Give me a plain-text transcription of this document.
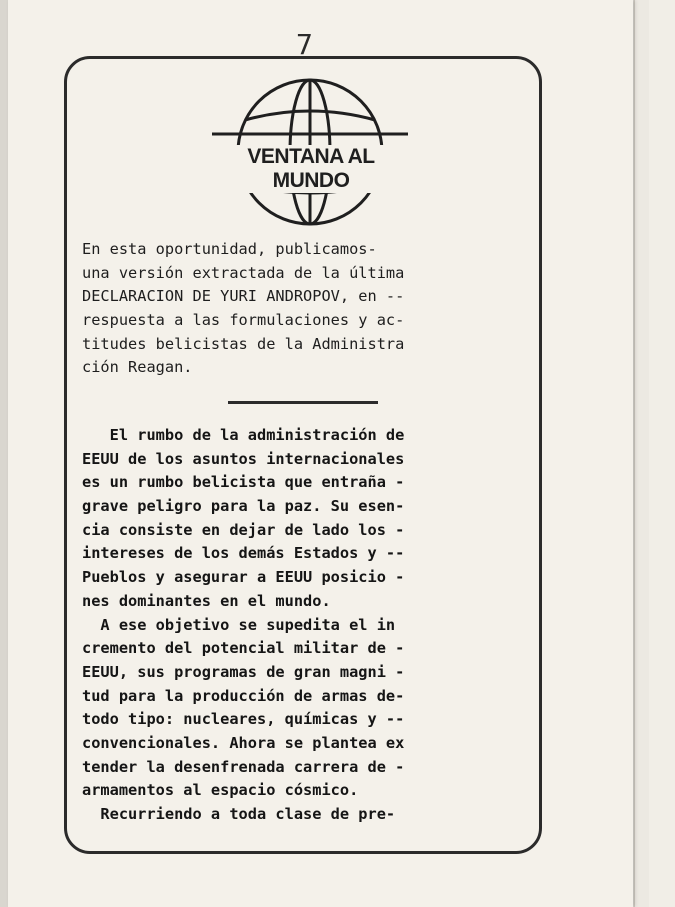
7
VENTANA AL MUNDO
En esta oportunidad, publicamos-
una versión extractada de la última
DECLARACION DE YURI ANDROPOV, en --
respuesta a las formulaciones y ac-
titudes belicistas de la Administra
ción Reagan.
El rumbo de la administración de
EEUU de los asuntos internacionales
es un rumbo belicista que entraña -
grave peligro para la paz. Su esen-
cia consiste en dejar de lado los -
intereses de los demás Estados y --
Pueblos y asegurar a EEUU posicio -
nes dominantes en el mundo.
A ese objetivo se supedita el in
cremento del potencial militar de -
EEUU, sus programas de gran magni -
tud para la producción de armas de-
todo tipo: nucleares, químicas y --
convencionales. Ahora se plantea ex
tender la desenfrenada carrera de -
armamentos al espacio cósmico.
Recurriendo a toda clase de pre-
